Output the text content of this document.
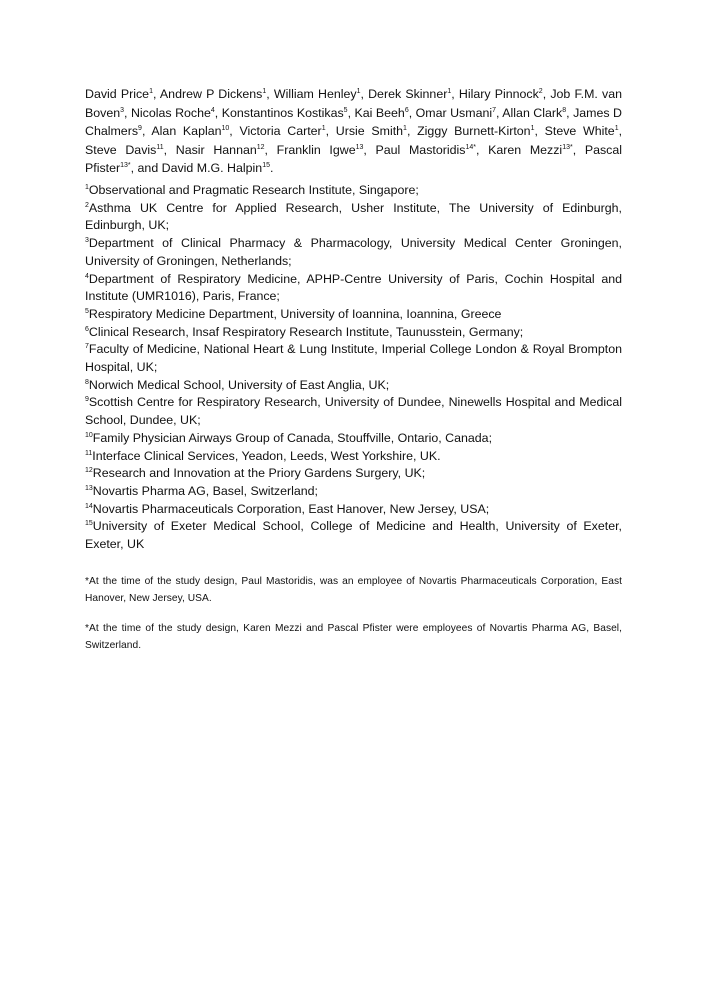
David Price$^1$, Andrew P Dickens$^1$, William Henley$^1$, Derek Skinner$^1$, Hilary Pinnock$^2$, Job F.M. van Boven$^3$, Nicolas Roche$^4$, Konstantinos Kostikas$^5$, Kai Beeh$^6$, Omar Usmani$^7$, Allan Clark$^8$, James D Chalmers$^9$, Alan Kaplan$^{10}$, Victoria Carter$^1$, Ursie Smith$^1$, Ziggy Burnett-Kirton$^1$, Steve White$^1$, Steve Davis$^{11}$, Nasir Hannan$^{12}$, Franklin Igwe$^{13}$, Paul Mastoridis$^{14*}$, Karen Mezzi$^{13*}$, Pascal Pfister$^{13*}$, and David M.G. Halpin$^{15}$.

$^1$Observational and Pragmatic Research Institute, Singapore;
$^2$Asthma UK Centre for Applied Research, Usher Institute, The University of Edinburgh, Edinburgh, UK;
$^3$Department of Clinical Pharmacy & Pharmacology, University Medical Center Groningen, University of Groningen, Netherlands;
$^4$Department of Respiratory Medicine, APHP-Centre University of Paris, Cochin Hospital and Institute (UMR1016), Paris, France;
$^5$Respiratory Medicine Department, University of Ioannina, Ioannina, Greece
$^6$Clinical Research, Insaf Respiratory Research Institute, Taunusstein, Germany;
$^7$Faculty of Medicine, National Heart & Lung Institute, Imperial College London & Royal Brompton Hospital, UK;
$^8$Norwich Medical School, University of East Anglia, UK;
$^9$Scottish Centre for Respiratory Research, University of Dundee, Ninewells Hospital and Medical School, Dundee, UK;
$^{10}$Family Physician Airways Group of Canada, Stouffville, Ontario, Canada;
$^{11}$Interface Clinical Services, Yeadon, Leeds, West Yorkshire, UK.
$^{12}$Research and Innovation at the Priory Gardens Surgery, UK;
$^{13}$Novartis Pharma AG, Basel, Switzerland;
$^{14}$Novartis Pharmaceuticals Corporation, East Hanover, New Jersey, USA;
$^{15}$University of Exeter Medical School, College of Medicine and Health, University of Exeter, Exeter, UK

*At the time of the study design, Paul Mastoridis, was an employee of Novartis Pharmaceuticals Corporation, East Hanover, New Jersey, USA.

*At the time of the study design, Karen Mezzi and Pascal Pfister were employees of Novartis Pharma AG, Basel, Switzerland.
